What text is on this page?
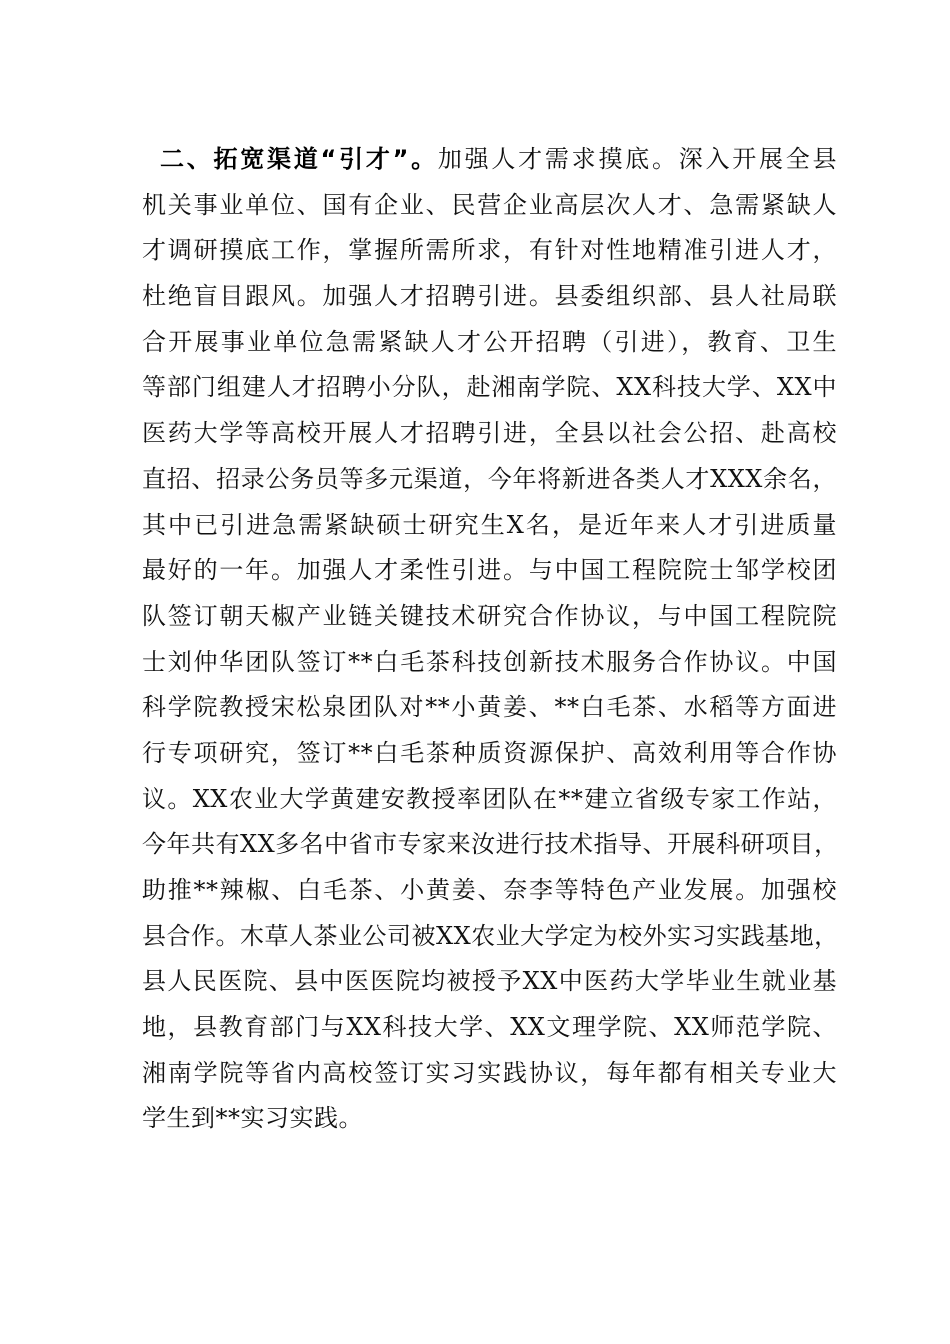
二、拓宽渠道“引才”。加强人才需求摸底。深入开展全县
机关事业单位、国有企业、民营企业高层次人才、急需紧缺人
才调研摸底工作，掌握所需所求，有针对性地精准引进人才，
杜绝盲目跟风。加强人才招聘引进。县委组织部、县人社局联
合开展事业单位急需紧缺人才公开招聘（引进），教育、卫生
等部门组建人才招聘小分队，赴湘南学院、XX科技大学、XX中
医药大学等高校开展人才招聘引进，全县以社会公招、赴高校
直招、招录公务员等多元渠道，今年将新进各类人才XXX余名，
其中已引进急需紧缺硕士研究生X名，是近年来人才引进质量
最好的一年。加强人才柔性引进。与中国工程院院士邹学校团
队签订朝天椒产业链关键技术研究合作协议，与中国工程院院
士刘仲华团队签订**白毛茶科技创新技术服务合作协议。中国
科学院教授宋松泉团队对**小黄姜、**白毛茶、水稻等方面进
行专项研究，签订**白毛茶种质资源保护、高效利用等合作协
议。XX农业大学黄建安教授率团队在**建立省级专家工作站，
今年共有XX多名中省市专家来汝进行技术指导、开展科研项目，
助推**辣椒、白毛茶、小黄姜、奈李等特色产业发展。加强校
县合作。木草人茶业公司被XX农业大学定为校外实习实践基地，
县人民医院、县中医医院均被授予XX中医药大学毕业生就业基
地，县教育部门与XX科技大学、XX文理学院、XX师范学院、
湘南学院等省内高校签订实习实践协议，每年都有相关专业大
学生到**实习实践。
